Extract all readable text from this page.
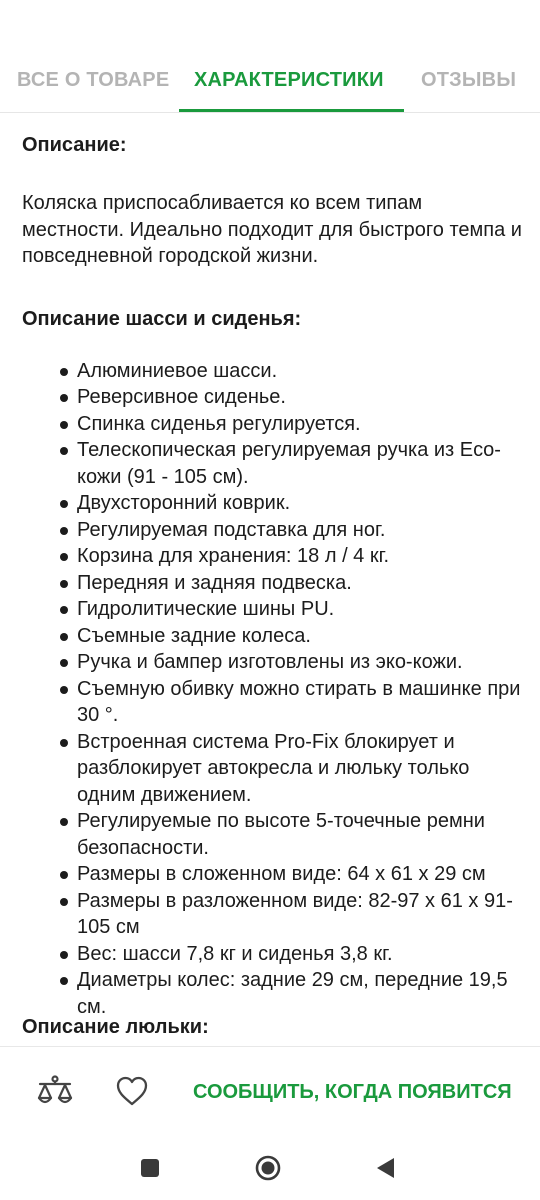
ВСЕ О ТОВАРЕ ХАРАКТЕРИСТИКИ ОТЗЫВЫ
Описание:
Коляска приспосабливается ко всем типам местности. Идеально подходит для быстрого темпа и повседневной городской жизни.
Описание шасси и сиденья:
Алюминиевое шасси.
Реверсивное сиденье.
Спинка сиденья регулируется.
Телескопическая регулируемая ручка из Eco-кожи (91 - 105 см).
Двухсторонний коврик.
Регулируемая подставка для ног.
Корзина для хранения: 18 л / 4 кг.
Передняя и задняя подвеска.
Гидролитические шины PU.
Съемные задние колеса.
Ручка и бампер изготовлены из эко-кожи.
Съемную обивку можно стирать в машинке при 30 °.
Встроенная система Pro-Fix блокирует и разблокирует автокресла и люльку только одним движением.
Регулируемые по высоте 5-точечные ремни безопасности.
Размеры в сложенном виде: 64 x 61 x 29 см
Размеры в разложенном виде: 82-97 x 61 x 91-105 см
Вес: шасси 7,8 кг и сиденья 3,8 кг.
Диаметры колес: задние 29 см, передние 19,5 см.
Описание люльки:
СООБЩИТЬ, КОГДА ПОЯВИТСЯ
